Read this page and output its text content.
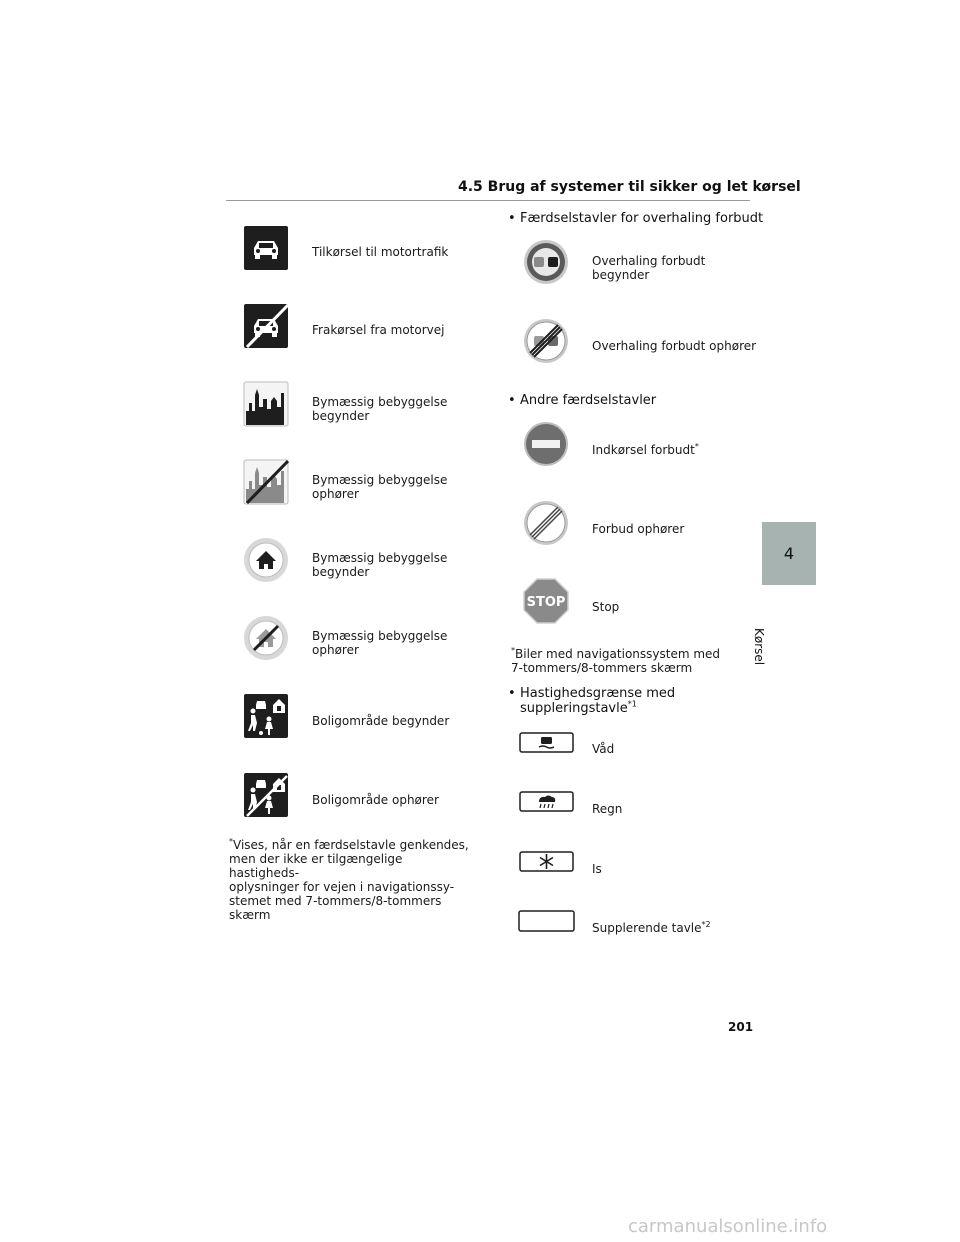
4.5 Brug af systemer til sikker og let kørsel
Tilkørsel til motortrafik
Frakørsel fra motorvej
Bymæssig bebyggelse
begynder
Bymæssig bebyggelse
ophører
Bymæssig bebyggelse
begynder
Bymæssig bebyggelse
ophører
Boligområde begynder
Boligområde ophører
*Vises, når en færdselstavle genkendes,
men der ikke er tilgængelige hastigheds-
oplysninger for vejen i navigationssy-
stemet med 7-tommers/8-tommers
skærm
• Færdselstavler for overhaling forbudt
Overhaling forbudt
begynder
Overhaling forbudt ophører
• Andre færdselstavler
Indkørsel forbudt*
Forbud ophører
STOP Stop
*Biler med navigationssystem med
7-tommers/8-tommers skærm
• Hastighedsgrænse med
suppleringstavle$^{*1}$
Våd
Regn
Is
Supplerende tavle$^{*2}$
4
Kørsel
201
carmanualsonline.info
